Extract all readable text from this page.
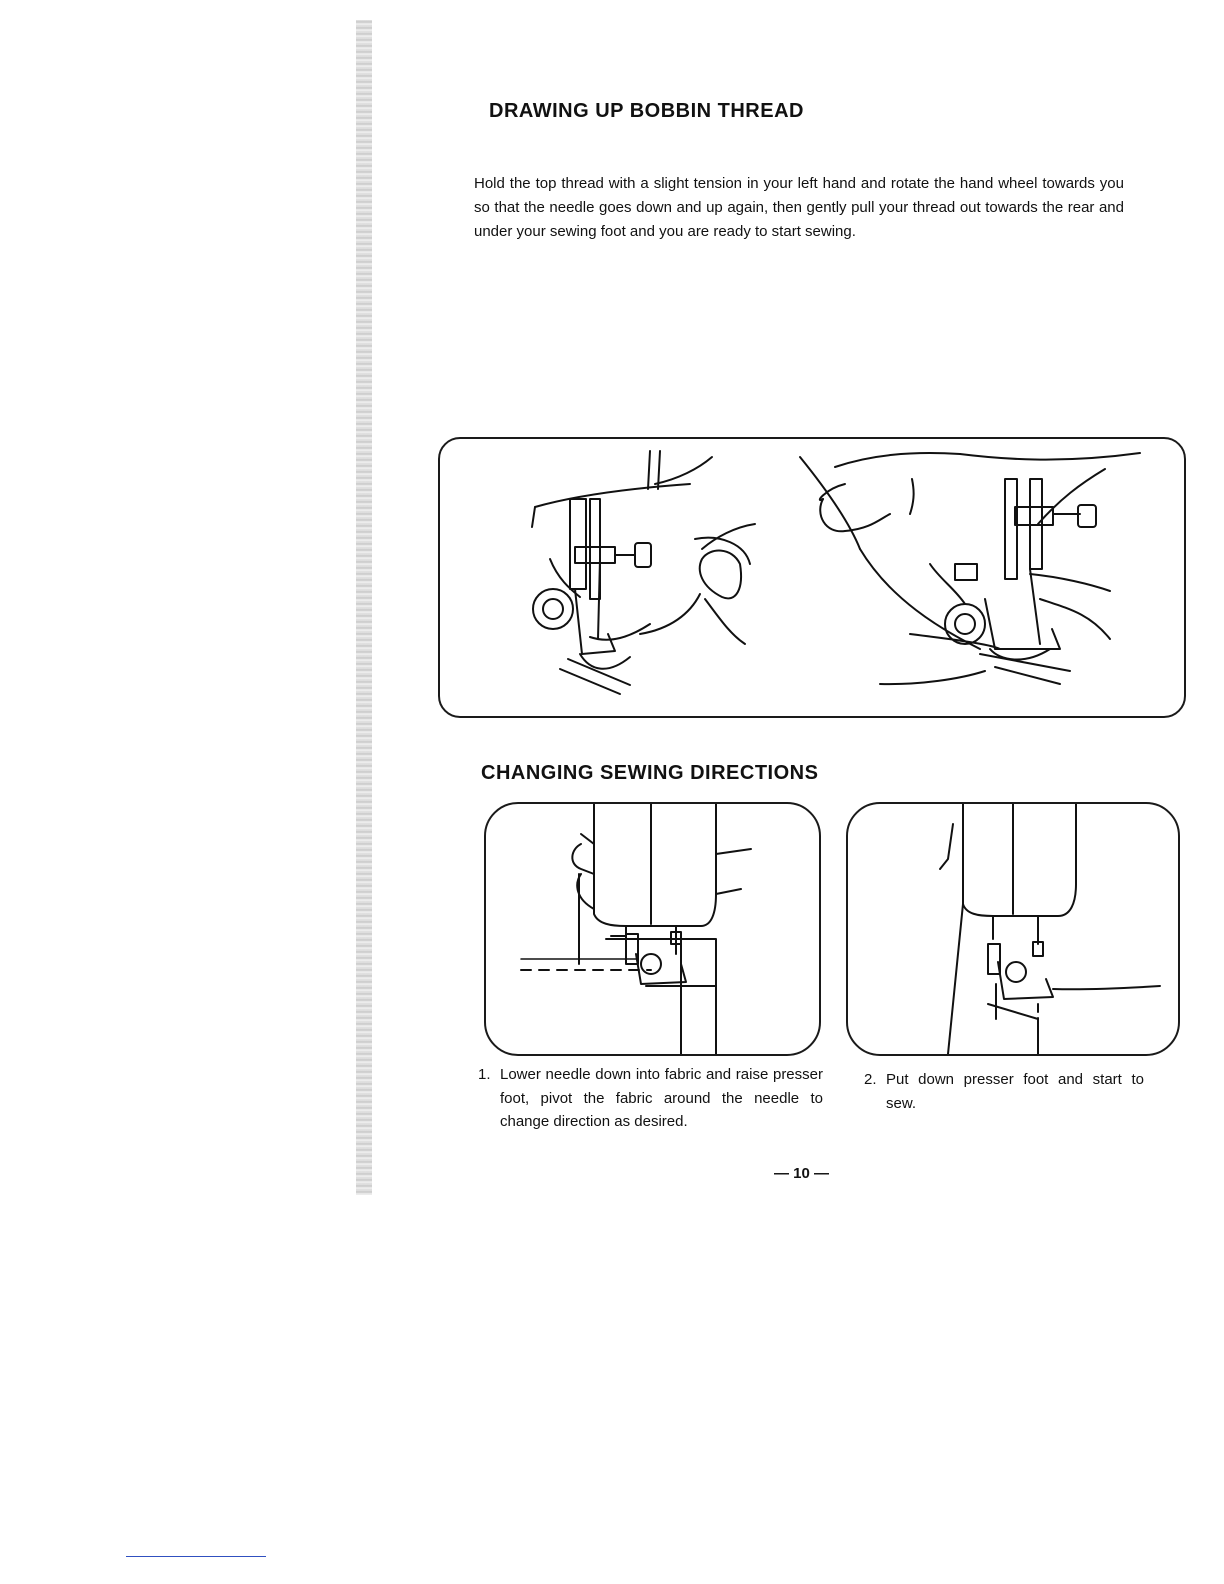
DRAWING UP BOBBIN THREAD

Hold the top thread with a slight tension in your left hand and rotate the hand wheel towards you so that the needle goes down and up again, then gently pull your thread out towards the rear and under your sewing foot and you are ready to start sewing.

CHANGING SEWING DIRECTIONS

1. Lower needle down into fabric and raise presser foot, pivot the fabric around the needle to change direction as desired.

2. Put down presser foot and start to sew.

— 10 —
